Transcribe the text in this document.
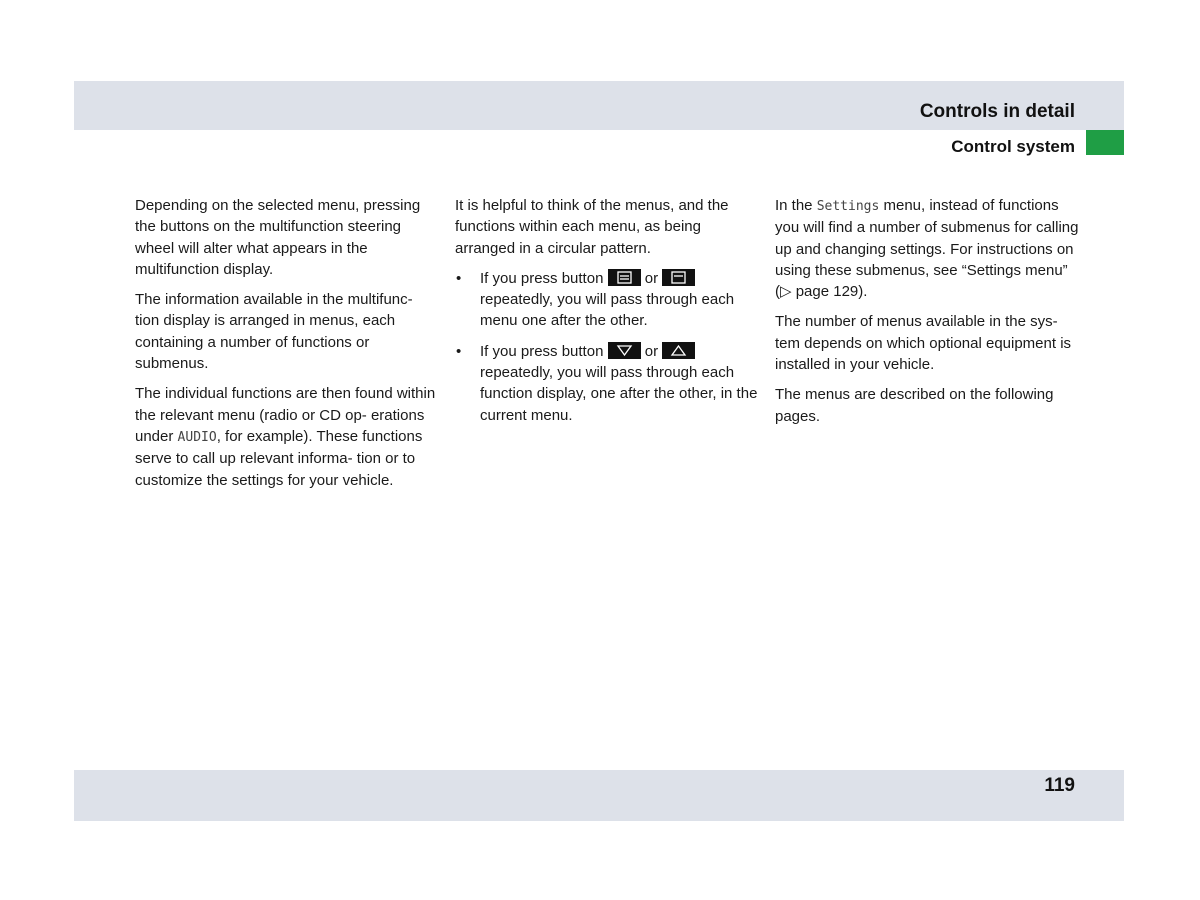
Controls in detail
Control system

Depending on the selected menu, pressing the buttons on the multifunction steering wheel will alter what appears in the multifunction display.

The information available in the multifunc- tion display is arranged in menus, each containing a number of functions or submenus.

The individual functions are then found within the relevant menu (radio or CD op- erations under AUDIO, for example). These functions serve to call up relevant informa- tion or to customize the settings for your vehicle.

It is helpful to think of the menus, and the functions within each menu, as being arranged in a circular pattern.

• If you press button
or
repeatedly, you will pass through each menu one after the other.
• If you press button
or
repeatedly, you will pass through each function display, one after the other, in the current menu.

In the Settings menu, instead of functions you will find a number of submenus for calling up and changing settings. For instructions on using these submenus, see “Settings menu” (▷ page 129).

The number of menus available in the sys- tem depends on which optional equipment is installed in your vehicle.

The menus are described on the following pages.

119
